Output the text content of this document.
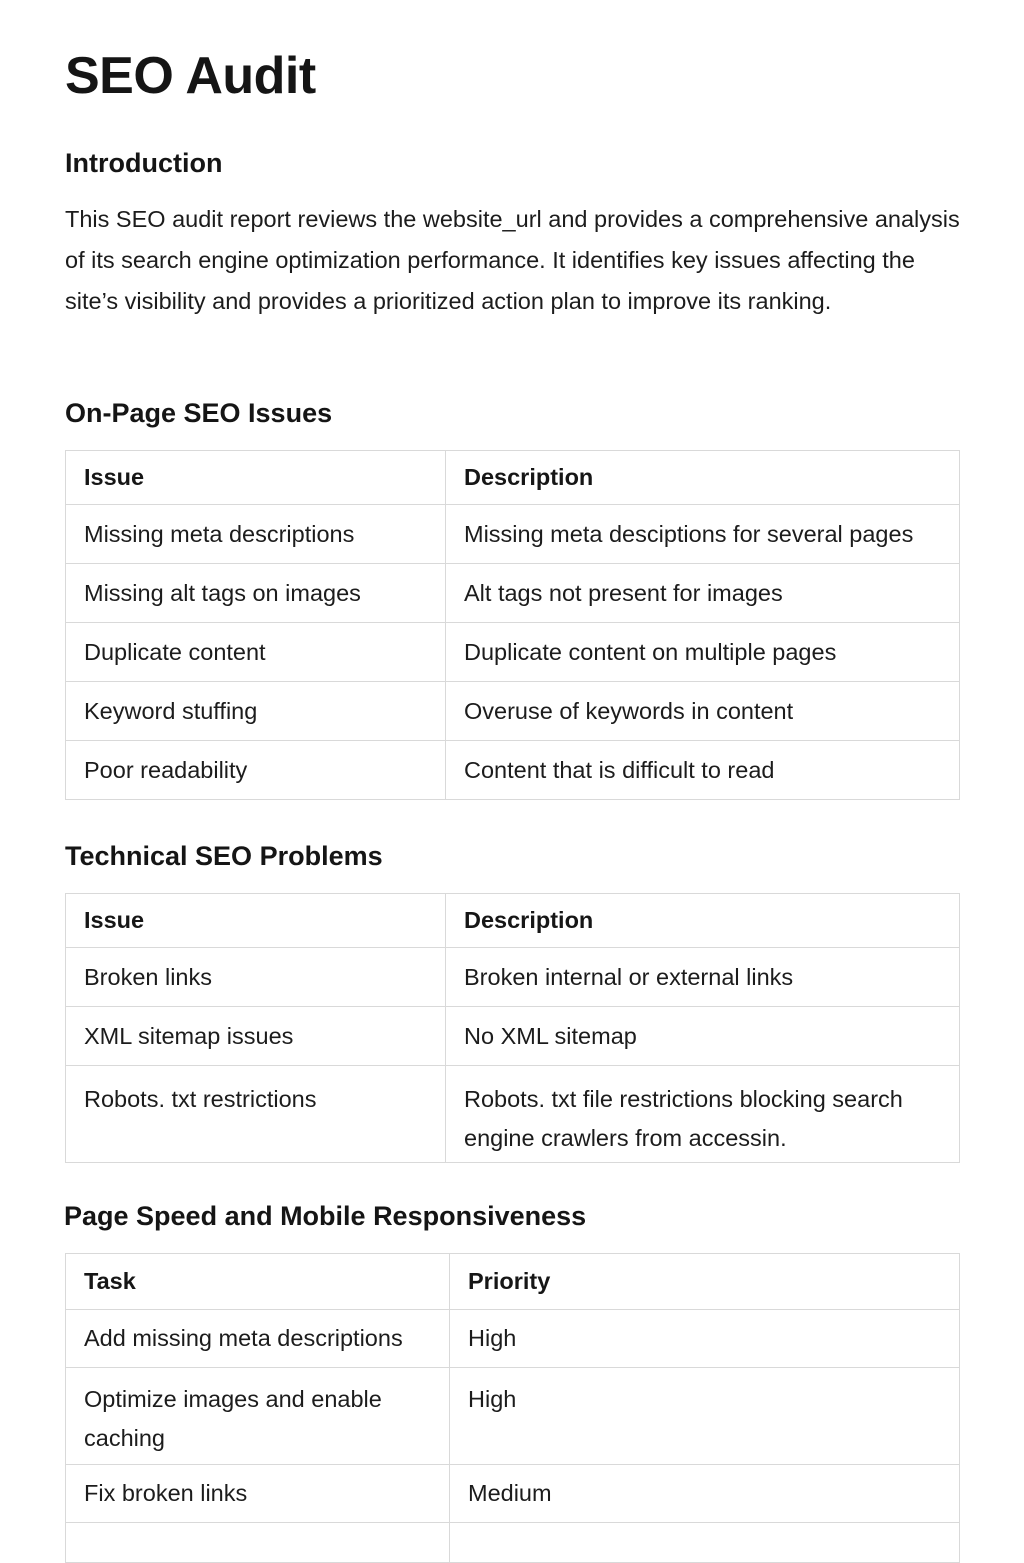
SEO Audit
Introduction

This SEO audit report reviews the website_url and provides a comprehensive analysis of its search engine optimization performance. It identifies key issues affecting the site’s visibility and provides a prioritized action plan to improve its ranking.

On-Page SEO Issues
Issue	Description
Missing meta descriptions	Missing meta desciptions for several pages
Missing alt tags on images	Alt tags not present for images
Duplicate content	Duplicate content on multiple pages
Keyword stuffing	Overuse of keywords in content
Poor readability	Content that is difficult to read
Technical SEO Problems
Issue	Description
Broken links	Broken internal or external links
XML sitemap issues	No XML sitemap
Robots. txt restrictions	Robots. txt file restrictions blocking search engine crawlers from accessin.
Page Speed and Mobile Responsiveness
Task	Priority
Add missing meta descriptions	High
Optimize images and enable caching	High
Fix broken links	Medium
